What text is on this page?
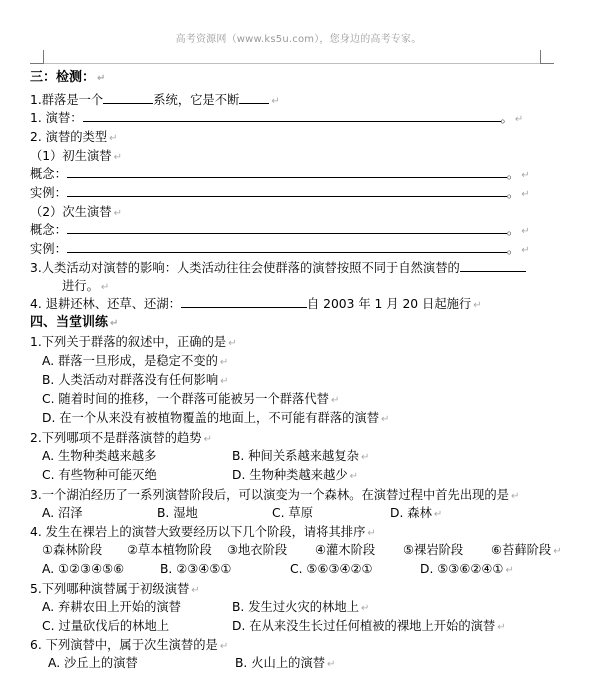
高考资源网（www.ks5u.com），您身边的高考专家。
三：检测： ↵
1.群落是一个	系统，它是不断	↵
1. 演替：	。 ↵
2. 演替的类型 ↵
（1）初生演替 ↵
概念：	。 ↵
实例：	。 ↵
（2）次生演替 ↵
概念：	。 ↵
实例：	。 ↵
3.人类活动对演替的影响：人类活动往往会使群落的演替按照不同于自然演替的
进行。 ↵
4. 退耕还林、还草、还湖：	自 2003 年 1 月 20 日起施行 ↵
四、当堂训练 ↵
1.下列关于群落的叙述中，正确的是 ↵
A. 群落一旦形成，是稳定不变的 ↵
B. 人类活动对群落没有任何影响 ↵
C. 随着时间的推移，一个群落可能被另一个群落代替 ↵
D. 在一个从来没有被植物覆盖的地面上，不可能有群落的演替 ↵
2.下列哪项不是群落演替的趋势 ↵
A. 生物种类越来越多	B. 种间关系越来越复杂 ↵
C. 有些物种可能灭绝	D. 生物种类越来越少 ↵
3.一个湖泊经历了一系列演替阶段后，可以演变为一个森林。在演替过程中首先出现的是 ↵
A. 沼泽	B. 湿地	C. 草原	D. 森林 ↵
4. 发生在裸岩上的演替大致要经历以下几个阶段，请将其排序 ↵
①森林阶段 ②草本植物阶段 ③地衣阶段 ④灌木阶段 ⑤裸岩阶段 ⑥苔藓阶段 ↵
A. ①②③④⑤⑥	B. ②③④⑤①	C. ⑤⑥③④②①	D. ⑤③⑥②④① ↵
5.下列哪种演替属于初级演替 ↵
A. 弃耕农田上开始的演替	B. 发生过火灾的林地上 ↵
C. 过量砍伐后的林地上	D. 在从来没生长过任何植被的裸地上开始的演替 ↵
6. 下列演替中，属于次生演替的是 ↵
A. 沙丘上的演替	B. 火山上的演替 ↵
